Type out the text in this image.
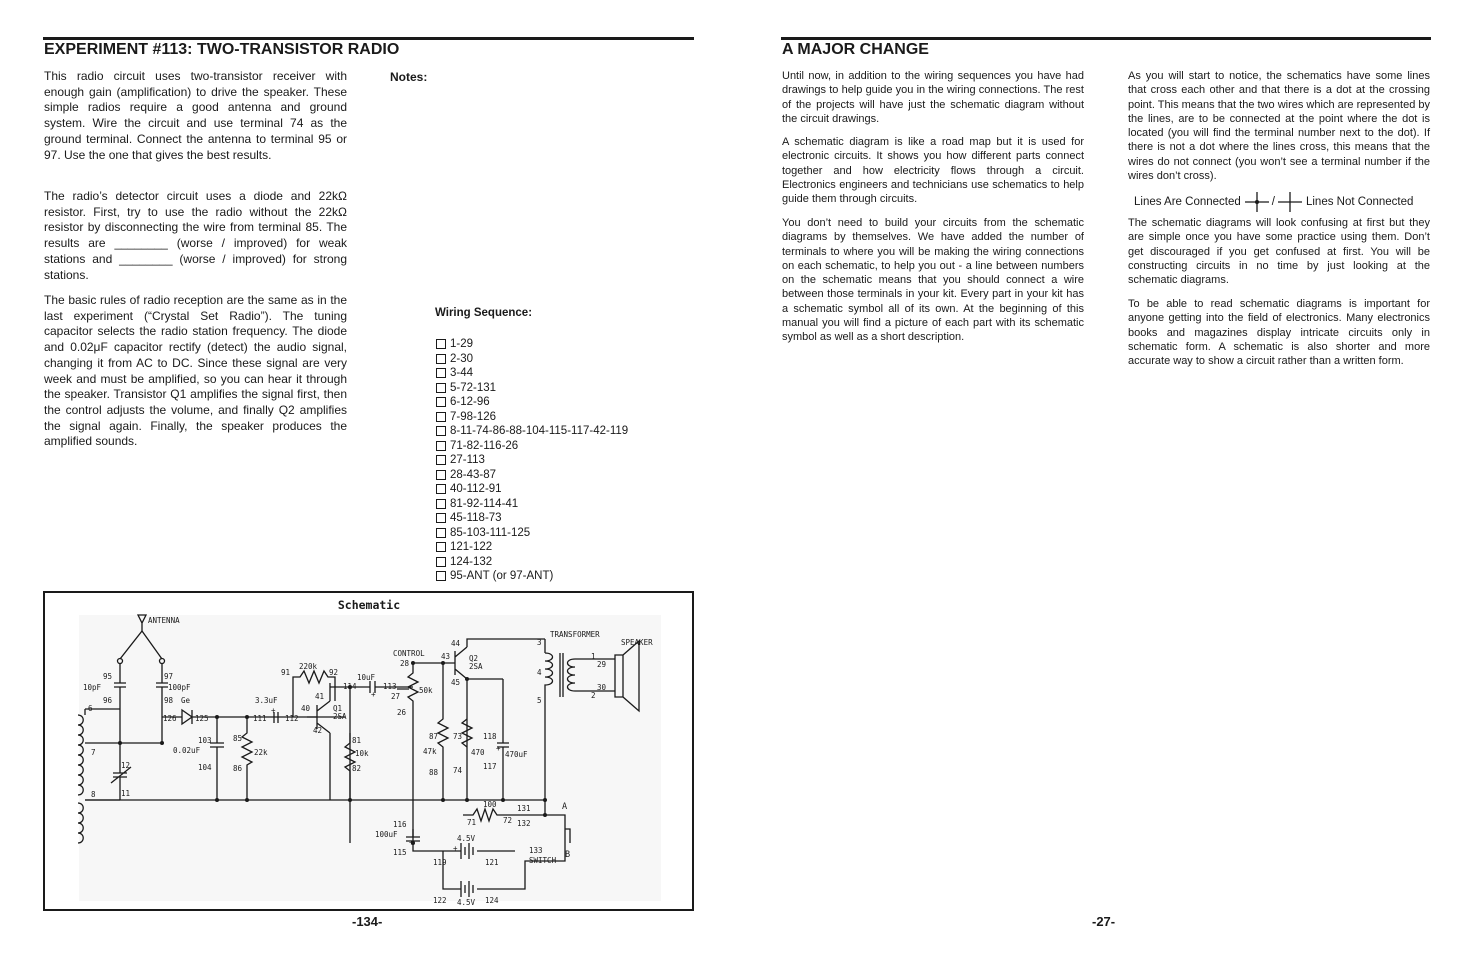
EXPERIMENT #113: TWO-TRANSISTOR RADIO

This radio circuit uses two-transistor receiver with enough gain (amplification) to drive the speaker. These simple radios require a good antenna and ground system. Wire the circuit and use terminal 74 as the ground terminal. Connect the antenna to terminal 95 or 97. Use the one that gives the best results.

The radio’s detector circuit uses a diode and 22kΩ resistor. First, try to use the radio without the 22kΩ resistor by disconnecting the wire from terminal 85. The results are ________ (worse / improved) for weak stations and ________ (worse / improved) for strong stations.

The basic rules of radio reception are the same as in the last experiment (“Crystal Set Radio”). The tuning capacitor selects the radio station frequency. The diode and 0.02μF capacitor rectify (detect) the audio signal, changing it from AC to DC. Since these signal are very week and must be amplified, so you can hear it through the speaker. Transistor Q1 amplifies the signal first, then the control adjusts the volume, and finally Q2 amplifies the signal again. Finally, the speaker produces the amplified sounds.

Notes:
Wiring Sequence:
1-29
2-30
3-44
5-72-131
6-12-96
7-98-126
8-11-74-86-88-104-115-117-42-119
71-82-116-26
27-113
28-43-87
40-112-91
81-92-114-41
45-118-73
85-103-111-125
121-122
124-132
95-ANT (or 97-ANT)
Schematic
ANTENNA
95	97
10pF	100pF
96	98 Ge
126 125
6
7
12
11
8
103
0.02uF
104
85
22k
86
3.3uF
+
111 112
40
91
220k
92
41
Q1
2SA
42
10uF
114	113
+ 27
50k
26
CONTROL
28
44
43	Q2
2SA
45
81
10k
82
87
47k
88
73
470
74
118
470uF
+
117
TRANSFORMER
3
4
5
1
29
30
2
SPEAKER
100	131	A
71	72 132
116
100uF
+
115
4.5V
+
119	121
133
SWITCH
B
122 4.5V 124
-134-
A MAJOR CHANGE

Until now, in addition to the wiring sequences you have had drawings to help guide you in the wiring connections. The rest of the projects will have just the schematic diagram without the circuit drawings.

A schematic diagram is like a road map but it is used for electronic circuits. It shows you how different parts connect together and how electricity flows through a circuit. Electronics engineers and technicians use schematics to help guide them through circuits.

You don’t need to build your circuits from the schematic diagrams by themselves. We have added the number of terminals to where you will be making the wiring connections on each schematic, to help you out - a line between numbers on the schematic means that you should connect a wire between those terminals in your kit. Every part in your kit has a schematic symbol all of its own. At the beginning of this manual you will find a picture of each part with its schematic symbol as well as a short description.

As you will start to notice, the schematics have some lines that cross each other and that there is a dot at the crossing point. This means that the two wires which are represented by the lines, are to be connected at the point where the dot is located (you will find the terminal number next to the dot). If there is not a dot where the lines cross, this means that the wires do not connect (you won’t see a terminal number if the wires don’t cross).

Lines Are Connected	/	Lines Not Connected

The schematic diagrams will look confusing at first but they are simple once you have some practice using them. Don’t get discouraged if you get confused at first. You will be constructing circuits in no time by just looking at the schematic diagrams.

To be able to read schematic diagrams is important for anyone getting into the field of electronics. Many electronics books and magazines display intricate circuits only in schematic form. A schematic is also shorter and more accurate way to show a circuit rather than a written form.

-27-
